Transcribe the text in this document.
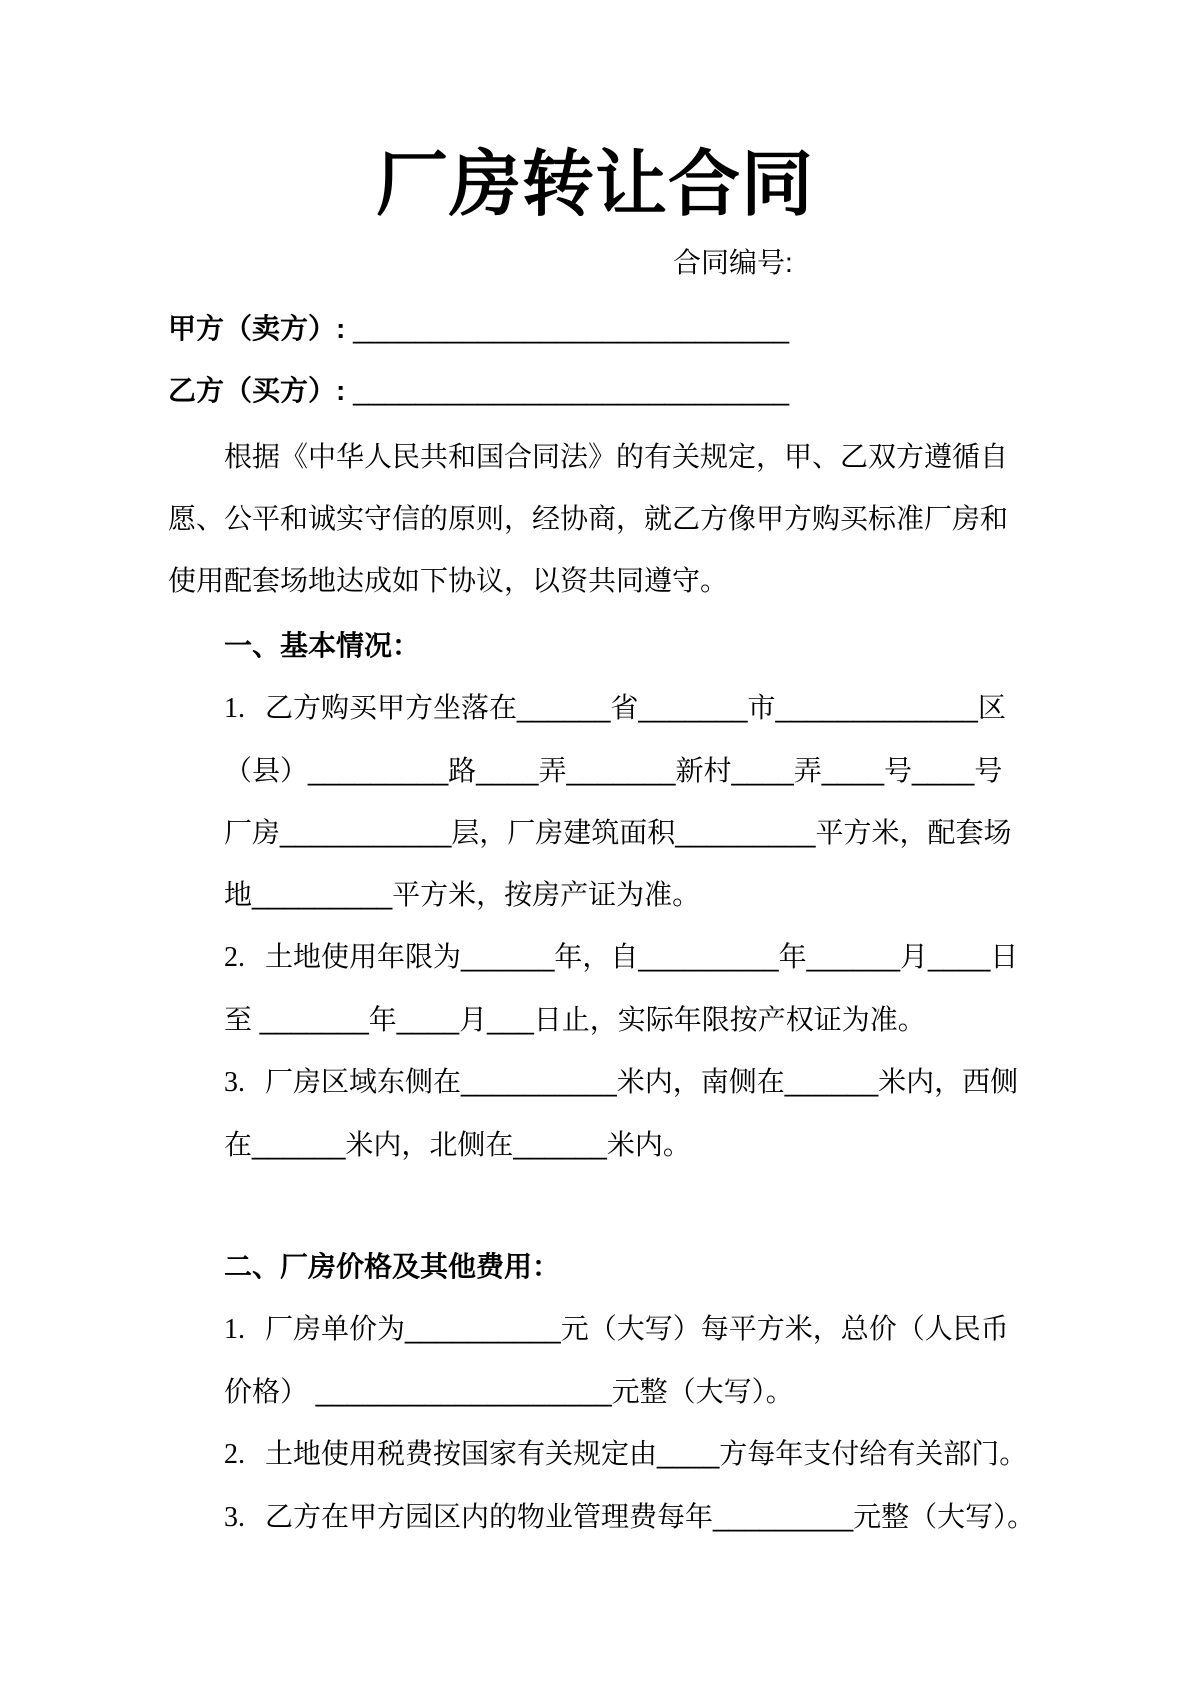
厂房转让合同
合同编号:
甲方（卖方）: ____________________________
乙方（买方）: ____________________________
根据《中华人民共和国合同法》的有关规定，甲、乙双方遵循自
愿、公平和诚实守信的原则，经协商，就乙方像甲方购买标准厂房和
使用配套场地达成如下协议，以资共同遵守。
一、基本情况：
1. 乙方购买甲方坐落在______省_______市_____________区
（县）_________路____弄_______新村____弄____号____号
厂房___________层，厂房建筑面积_________平方米，配套场
地_________平方米，按房产证为准。
2. 土地使用年限为______年，自_________年______月____日
至 _______年____月___日止，实际年限按产权证为准。
3. 厂房区域东侧在__________米内，南侧在______米内，西侧
在______米内，北侧在______米内。
二、厂房价格及其他费用：
1. 厂房单价为__________元（大写）每平方米，总价（人民币
价格） ___________________元整（大写）。
2. 土地使用税费按国家有关规定由____方每年支付给有关部门。
3. 乙方在甲方园区内的物业管理费每年_________元整（大写）。
